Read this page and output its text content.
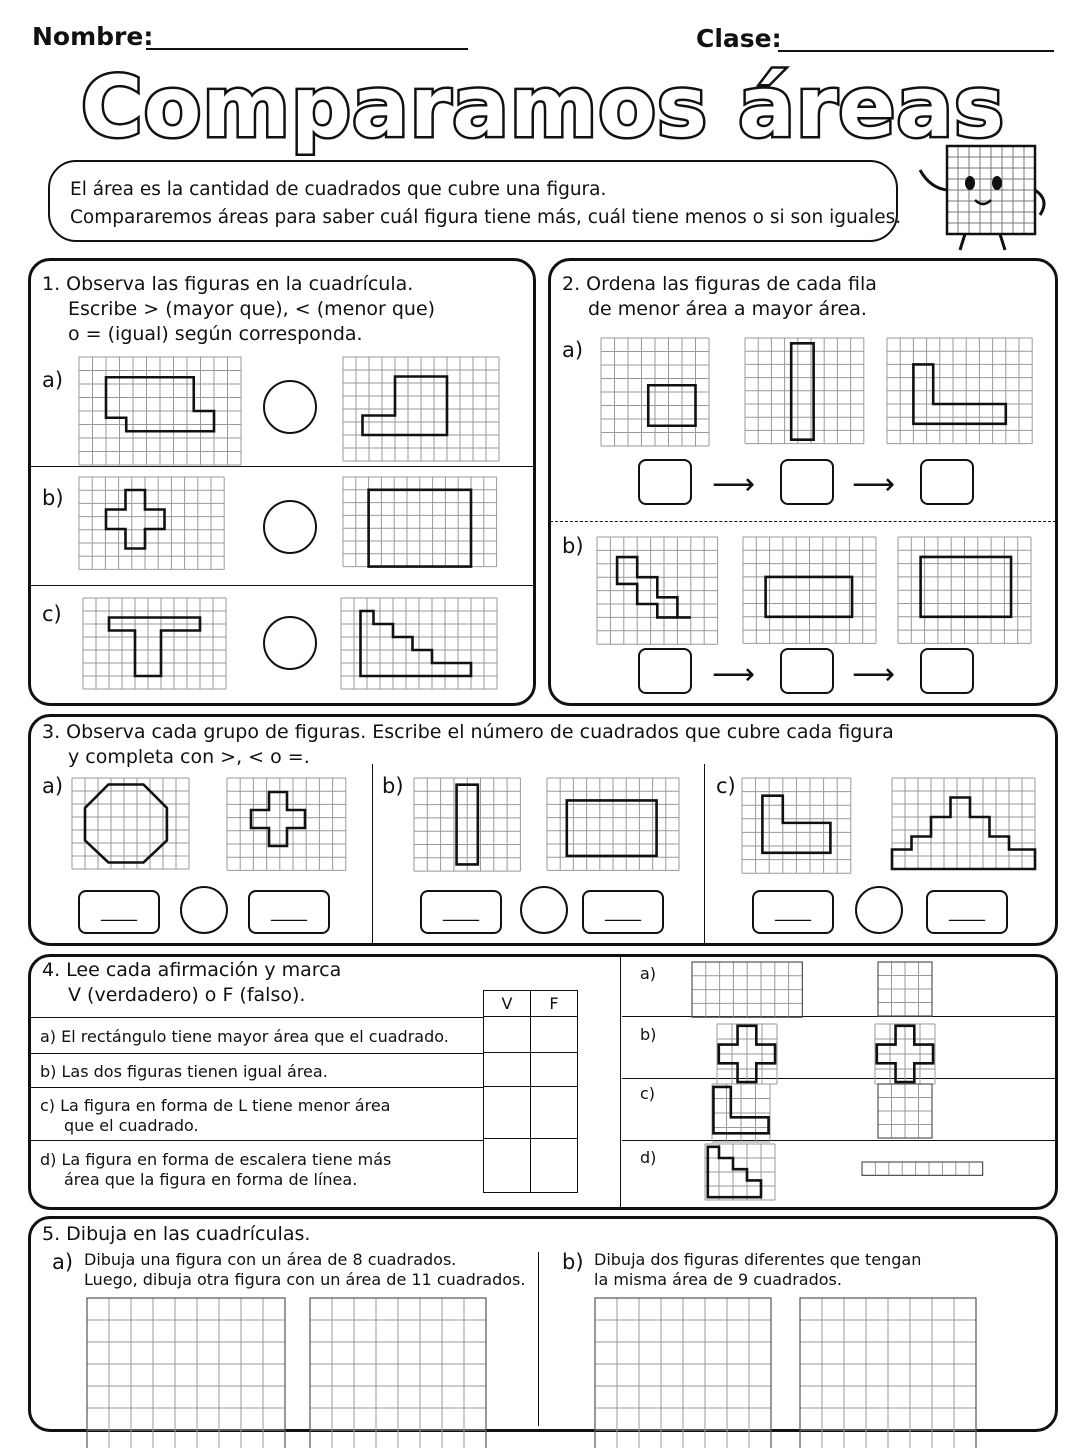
Nombre:	Clase:
Comparamos áreas
El área es la cantidad de cuadrados que cubre una figura.
Compararemos áreas para saber cuál figura tiene más, cuál tiene menos o si son iguales.
1. Observa las figuras en la cuadrícula.
Escribe > (mayor que), < (menor que)
o = (igual) según corresponda.
a)
b)
c)
2. Ordena las figuras de cada fila
de menor área a mayor área.
a)
b)
⟶	⟶
⟶	⟶
3. Observa cada grupo de figuras. Escribe el número de cuadrados que cubre cada figura
y completa con >, < o =.
a)	b)	c)
____	____	____	____	____	____
4. Lee cada afirmación y marca
V (verdadero) o F (falso).	V	F

a) El rectángulo tiene mayor área que el cuadrado.
b) Las dos figuras tienen igual área.
c) La figura en forma de L tiene menor área
que el cuadrado.
d) La figura en forma de escalera tiene más
área que la figura en forma de línea.
a)
b)
c)
d)
5. Dibuja en las cuadrículas.
a) Dibuja una figura con un área de 8 cuadrados.
Luego, dibuja otra figura con un área de 11 cuadrados.
b) Dibuja dos figuras diferentes que tengan
la misma área de 9 cuadrados.
